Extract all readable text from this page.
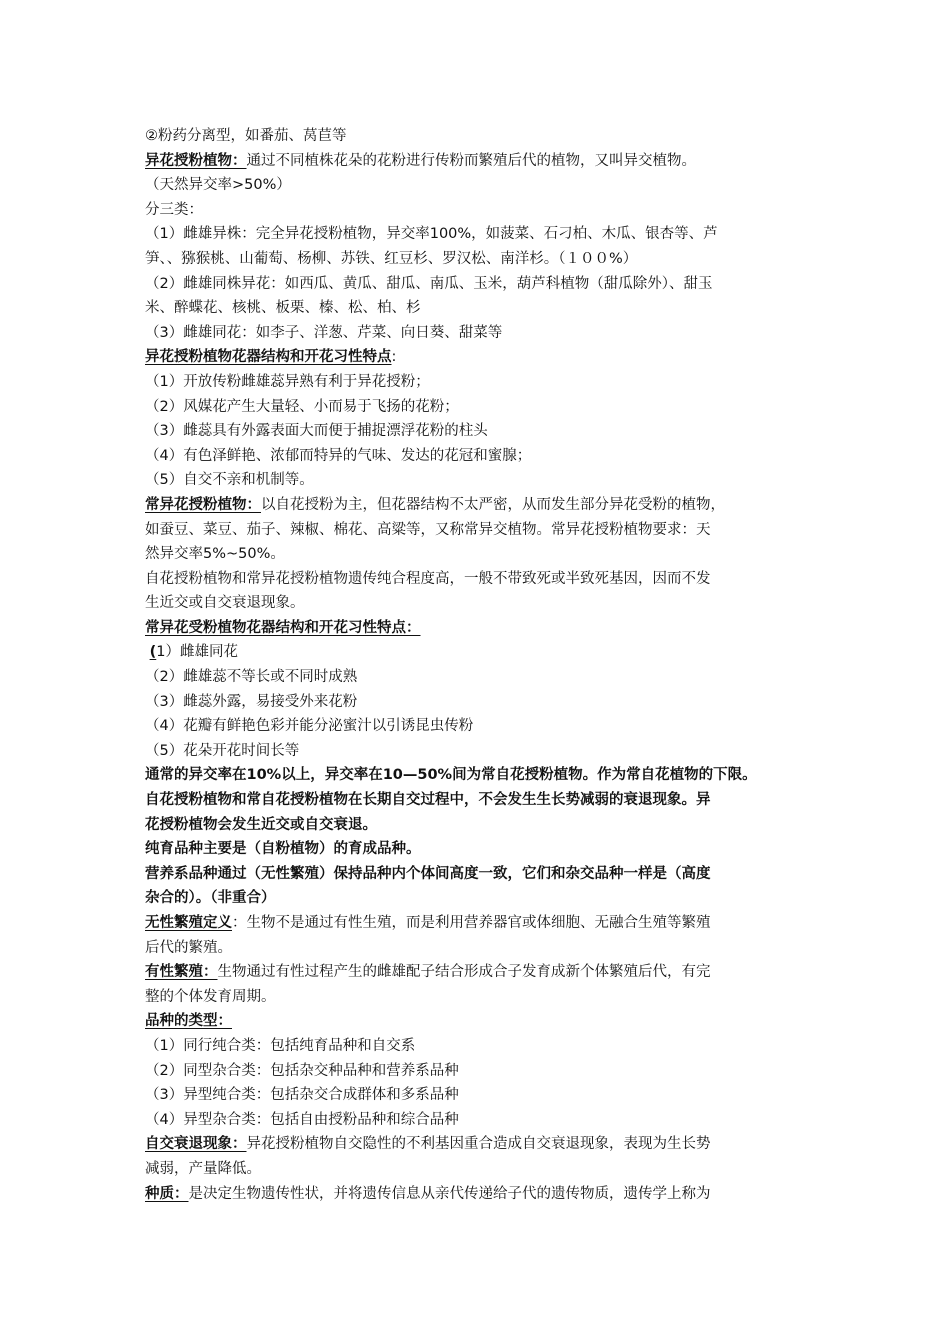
②粉药分离型，如番茄、莴苣等
异花授粉植物：通过不同植株花朵的花粉进行传粉而繁殖后代的植物，又叫异交植物。
（天然异交率>50%）
分三类：
（1）雌雄异株：完全异花授粉植物，异交率100%，如菠菜、石刁柏、木瓜、银杏等、芦
笋、、猕猴桃、山葡萄、杨柳、苏铁、红豆杉、罗汉松、南洋杉。（１００%）
（2）雌雄同株异花：如西瓜、黄瓜、甜瓜、南瓜、玉米，葫芦科植物（甜瓜除外）、甜玉
米、醉蝶花、核桃、板栗、榛、松、柏、杉
（3）雌雄同花：如李子、洋葱、芹菜、向日葵、甜菜等
异花授粉植物花器结构和开花习性特点:
（1）开放传粉雌雄蕊异熟有利于异花授粉；
（2）风媒花产生大量轻、小而易于飞扬的花粉；
（3）雌蕊具有外露表面大而便于捕捉漂浮花粉的柱头
（4）有色泽鲜艳、浓郁而特异的气味、发达的花冠和蜜腺；
（5）自交不亲和机制等。
常异花授粉植物：以自花授粉为主，但花器结构不太严密，从而发生部分异花受粉的植物，
如蚕豆、菜豆、茄子、辣椒、棉花、高粱等，又称常异交植物。常异花授粉植物要求：天
然异交率5%~50%。
自花授粉植物和常异花授粉植物遗传纯合程度高，一般不带致死或半致死基因，因而不发
生近交或自交衰退现象。
常异花受粉植物花器结构和开花习性特点：
(1）雌雄同花
（2）雌雄蕊不等长或不同时成熟
（3）雌蕊外露，易接受外来花粉
（4）花瓣有鲜艳色彩并能分泌蜜汁以引诱昆虫传粉
（5）花朵开花时间长等
通常的异交率在10%以上，异交率在10—50%间为常自花授粉植物。作为常自花植物的下限。
自花授粉植物和常自花授粉植物在长期自交过程中，不会发生生长势减弱的衰退现象。异
花授粉植物会发生近交或自交衰退。
纯育品种主要是（自粉植物）的育成品种。
营养系品种通过（无性繁殖）保持品种内个体间高度一致，它们和杂交品种一样是（高度
杂合的）。（非重合）
无性繁殖定义：生物不是通过有性生殖，而是利用营养器官或体细胞、无融合生殖等繁殖
后代的繁殖。
有性繁殖：生物通过有性过程产生的雌雄配子结合形成合子发育成新个体繁殖后代，有完
整的个体发育周期。
品种的类型：
（1）同行纯合类：包括纯育品种和自交系
（2）同型杂合类：包括杂交种品种和营养系品种
（3）异型纯合类：包括杂交合成群体和多系品种
（4）异型杂合类：包括自由授粉品种和综合品种
自交衰退现象：异花授粉植物自交隐性的不利基因重合造成自交衰退现象，表现为生长势
减弱，产量降低。
种质：是决定生物遗传性状，并将遗传信息从亲代传递给子代的遗传物质，遗传学上称为
